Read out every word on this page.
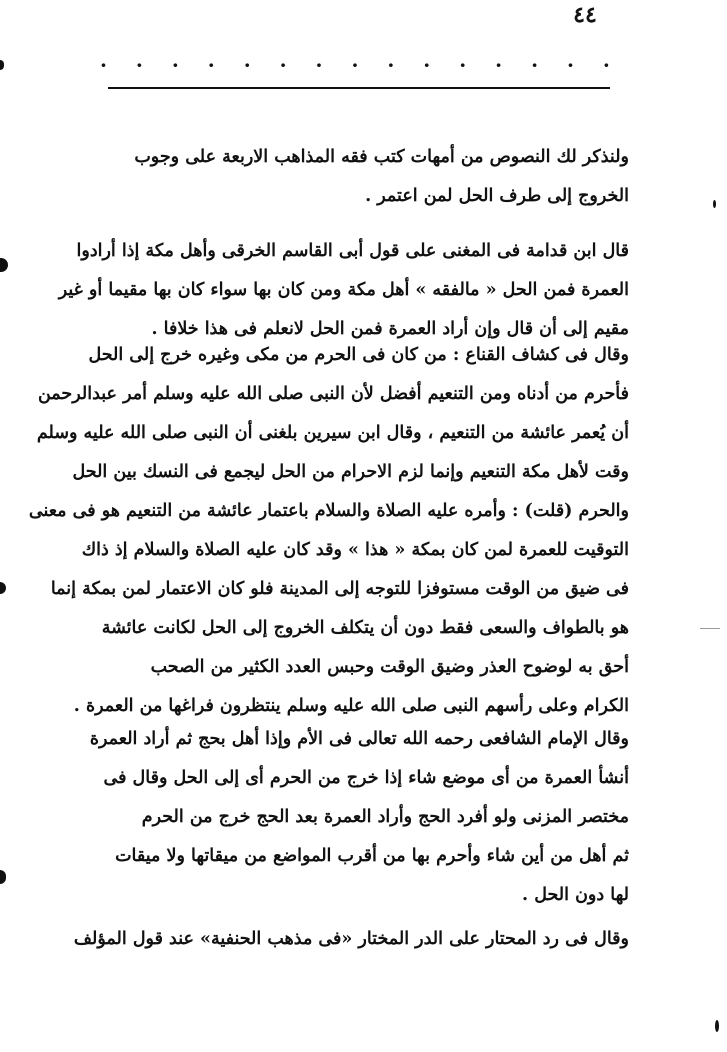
٤٤
·
·
·
·
·
·
·
·
·
·
·
·
·
·
·
ولنذكر لك النصوص من أمهات كتب فقه المذاهب الاربعة على وجوب
الخروج إلى طرف الحل لمن اعتمر .
قال ابن قدامة فى المغنى على قول أبى القاسم الخرقى وأهل مكة إذا أرادوا
العمرة فمن الحل « مالفقه » أهل مكة ومن كان بها سواء كان بها مقيما أو غير
مقيم إلى أن قال وإن أراد العمرة فمن الحل لانعلم فى هذا خلافا .
وقال فى كشاف القناع : من كان فى الحرم من مكى وغيره خرج إلى الحل
فأحرم من أدناه ومن التنعيم أفضل لأن النبى صلى الله عليه وسلم أمر عبدالرحمن
أن يُعمر عائشة من التنعيم ، وقال ابن سيرين بلغنى أن النبى صلى الله عليه وسلم
وقت لأهل مكة التنعيم وإنما لزم الاحرام من الحل ليجمع فى النسك بين الحل
والحرم (قلت) : وأمره عليه الصلاة والسلام باعتمار عائشة من التنعيم هو فى معنى
التوقيت للعمرة لمن كان بمكة « هذا » وقد كان عليه الصلاة والسلام إذ ذاك
فى ضيق من الوقت مستوفزا للتوجه إلى المدينة فلو كان الاعتمار لمن بمكة إنما
هو بالطواف والسعى فقط دون أن يتكلف الخروج إلى الحل لكانت عائشة
أحق به لوضوح العذر وضيق الوقت وحبس العدد الكثير من الصحب
الكرام وعلى رأسهم النبى صلى الله عليه وسلم ينتظرون فراغها من العمرة .
وقال الإمام الشافعى رحمه الله تعالى فى الأم وإذا أهل بحج ثم أراد العمرة
أنشأ العمرة من أى موضع شاء إذا خرج من الحرم أى إلى الحل وقال فى
مختصر المزنى ولو أفرد الحج وأراد العمرة بعد الحج خرج من الحرم
ثم أهل من أين شاء وأحرم بها من أقرب المواضع من ميقاتها ولا ميقات
لها دون الحل .
وقال فى رد المحتار على الدر المختار «فى مذهب الحنفية» عند قول المؤلف
